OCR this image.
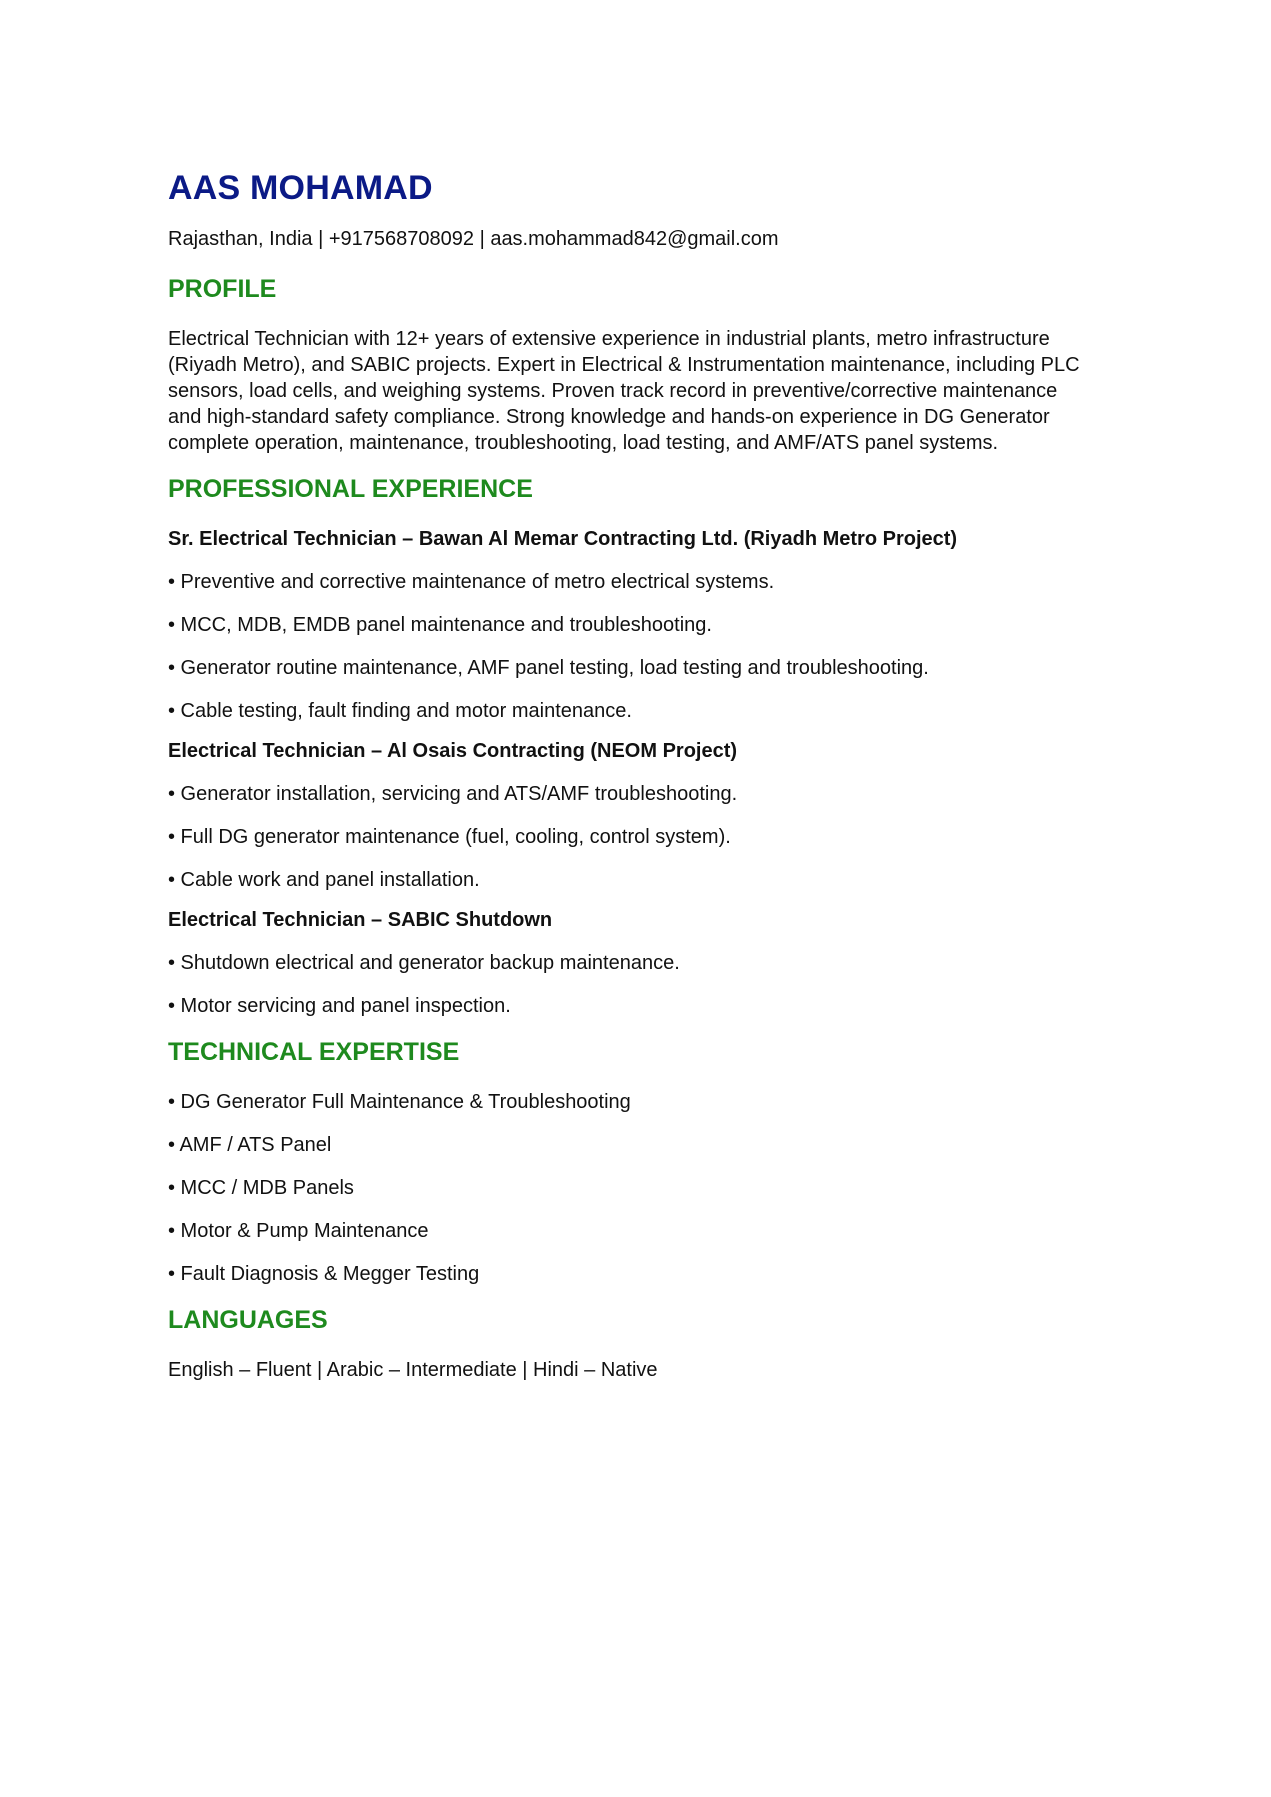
AAS MOHAMAD
Rajasthan, India | +917568708092 | aas.mohammad842@gmail.com
PROFILE
Electrical Technician with 12+ years of extensive experience in industrial plants, metro infrastructure (Riyadh Metro), and SABIC projects. Expert in Electrical & Instrumentation maintenance, including PLC sensors, load cells, and weighing systems. Proven track record in preventive/corrective maintenance and high-standard safety compliance. Strong knowledge and hands-on experience in DG Generator complete operation, maintenance, troubleshooting, load testing, and AMF/ATS panel systems.
PROFESSIONAL EXPERIENCE
Sr. Electrical Technician – Bawan Al Memar Contracting Ltd. (Riyadh Metro Project)
• Preventive and corrective maintenance of metro electrical systems.
• MCC, MDB, EMDB panel maintenance and troubleshooting.
• Generator routine maintenance, AMF panel testing, load testing and troubleshooting.
• Cable testing, fault finding and motor maintenance.
Electrical Technician – Al Osais Contracting (NEOM Project)
• Generator installation, servicing and ATS/AMF troubleshooting.
• Full DG generator maintenance (fuel, cooling, control system).
• Cable work and panel installation.
Electrical Technician – SABIC Shutdown
• Shutdown electrical and generator backup maintenance.
• Motor servicing and panel inspection.
TECHNICAL EXPERTISE
• DG Generator Full Maintenance & Troubleshooting
• AMF / ATS Panel
• MCC / MDB Panels
• Motor & Pump Maintenance
• Fault Diagnosis & Megger Testing
LANGUAGES
English – Fluent | Arabic – Intermediate | Hindi – Native
